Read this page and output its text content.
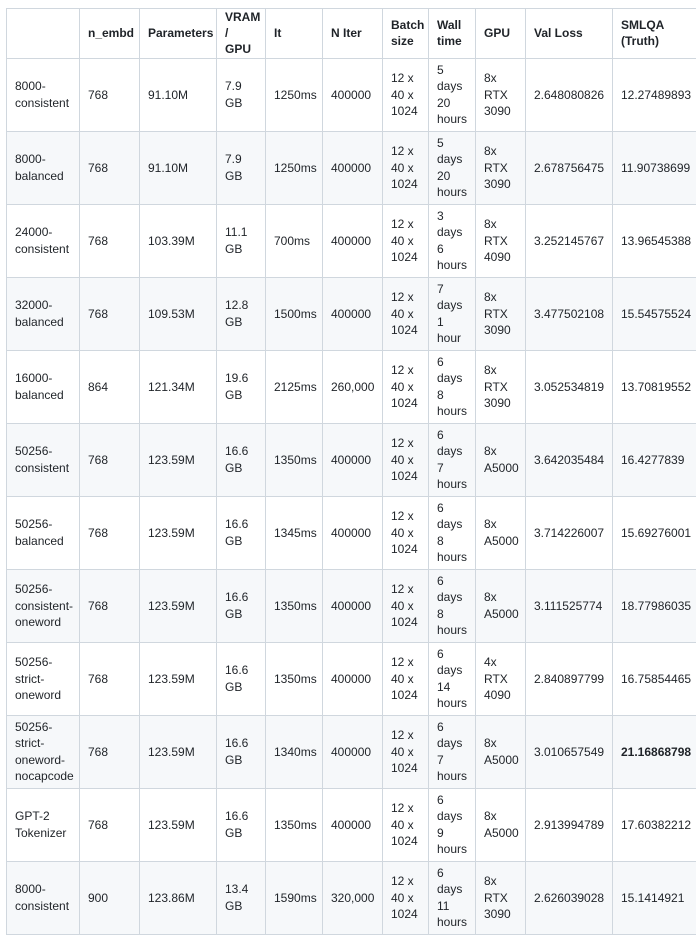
	n_embd	Parameters	VRAM / GPU	It	N Iter	Batch size	Wall time	GPU	Val Loss	SMLQA (Truth)
8000-consistent	768	91.10M	7.9 GB	1250ms	400000	12 x 40 x 1024	5 days 20 hours	8x RTX 3090	2.648080826	12.27489893
8000-balanced	768	91.10M	7.9 GB	1250ms	400000	12 x 40 x 1024	5 days 20 hours	8x RTX 3090	2.678756475	11.90738699
24000-consistent	768	103.39M	11.1 GB	700ms	400000	12 x 40 x 1024	3 days 6 hours	8x RTX 4090	3.252145767	13.96545388
32000-balanced	768	109.53M	12.8 GB	1500ms	400000	12 x 40 x 1024	7 days 1 hour	8x RTX 3090	3.477502108	15.54575524
16000-balanced	864	121.34M	19.6 GB	2125ms	260,000	12 x 40 x 1024	6 days 8 hours	8x RTX 3090	3.052534819	13.70819552
50256-consistent	768	123.59M	16.6 GB	1350ms	400000	12 x 40 x 1024	6 days 7 hours	8x A5000	3.642035484	16.4277839
50256-balanced	768	123.59M	16.6 GB	1345ms	400000	12 x 40 x 1024	6 days 8 hours	8x A5000	3.714226007	15.69276001
50256-consistent-oneword	768	123.59M	16.6 GB	1350ms	400000	12 x 40 x 1024	6 days 8 hours	8x A5000	3.111525774	18.77986035
50256-strict-oneword	768	123.59M	16.6 GB	1350ms	400000	12 x 40 x 1024	6 days 14 hours	4x RTX 4090	2.840897799	16.75854465
50256-strict-oneword-nocapcode	768	123.59M	16.6 GB	1340ms	400000	12 x 40 x 1024	6 days 7 hours	8x A5000	3.010657549	21.16868798
GPT-2 Tokenizer	768	123.59M	16.6 GB	1350ms	400000	12 x 40 x 1024	6 days 9 hours	8x A5000	2.913994789	17.60382212
8000-consistent	900	123.86M	13.4 GB	1590ms	320,000	12 x 40 x 1024	6 days 11 hours	8x RTX 3090	2.626039028	15.1414921
